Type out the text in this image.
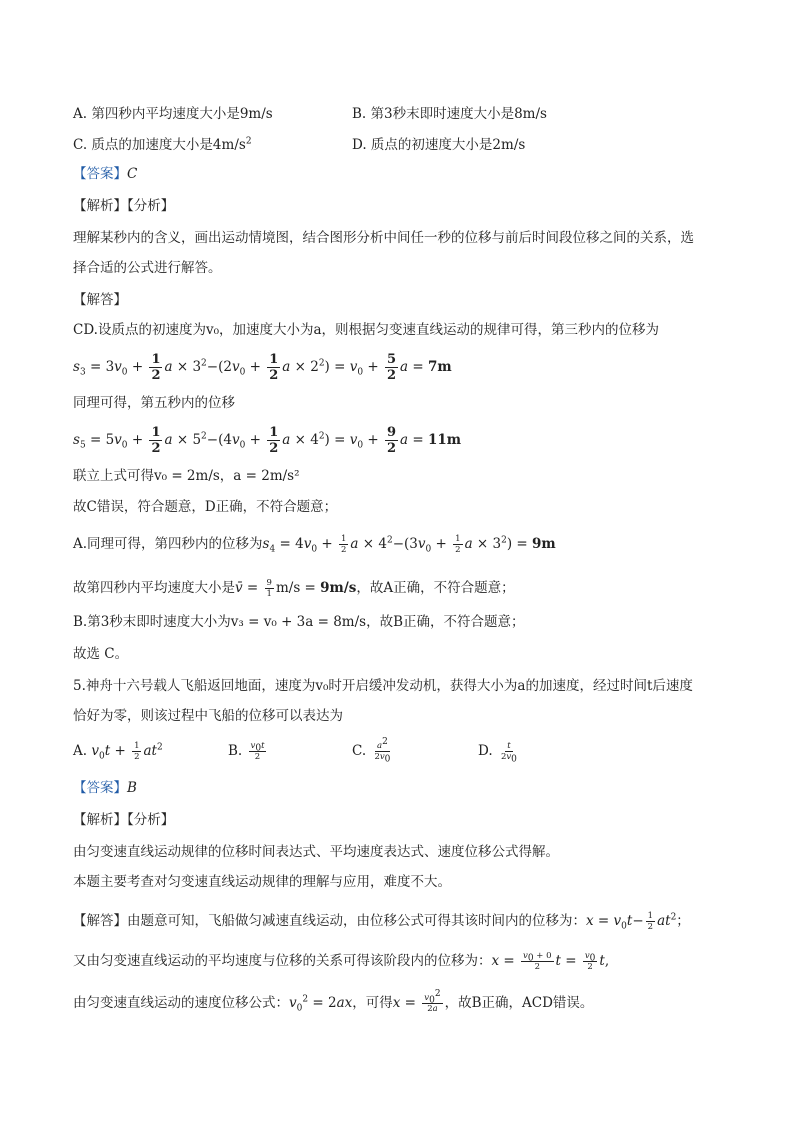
A. 第四秒内平均速度大小是9m/s	B. 第3秒末即时速度大小是8m/s
C. 质点的加速度大小是$4m/s^2$	D. 质点的初速度大小是2m/s
【答案】C
【解析】【分析】
理解某秒内的含义，画出运动情境图，结合图形分析中间任一秒的位移与前后时间段位移之间的关系，选
择合适的公式进行解答。
【解答】
CD.设质点的初速度为v₀，加速度大小为a，则根据匀变速直线运动的规律可得，第三秒内的位移为
$s_3 = 3v_0 + \frac{1}{2}$ $a \times 3^2-(2v_0 + \frac{1}{2}$ $a \times 2^2) = v_0 + \frac{5}{2}$ a = 7m
同理可得，第五秒内的位移
$s_5 = 5v_0 + \frac{1}{2}$ $a \times 5^2-(4v_0 + \frac{1}{2}$ $a \times 4^2) = v_0 + \frac{9}{2}$ a = 11m
联立上式可得v₀ = 2m/s，a = 2m/s²
故C错误，符合题意，D正确，不符合题意；
A.同理可得，第四秒内的位移为$s_4 = 4v_0 + \frac{1}{2}$ $a \times 4^2-(3v_0 + \frac{1}{2}$ $a \times 3^2) = 9m$
故第四秒内平均速度大小是v̄ = $\frac{9}{1} m/s = 9m/s$，故A正确，不符合题意；
B.第3秒末即时速度大小为v₃ = v₀ + 3a = 8m/s，故B正确，不符合题意；
故选 C。
5.神舟十六号载人飞船返回地面，速度为v₀时开启缓冲发动机，获得大小为a的加速度，经过时间t后速度
恰好为零，则该过程中飞船的位移可以表达为
A. $v_0t + \frac{1}{2} at^2$	B. $\frac{v_0t}{2}$	C. $\frac{a^2}{2v_0}$	D. $\frac{t}{2v_0}$
【答案】B
【解析】【分析】
由匀变速直线运动规律的位移时间表达式、平均速度表达式、速度位移公式得解。
本题主要考查对匀变速直线运动规律的理解与应用，难度不大。
【解答】由题意可知，飞船做匀减速直线运动，由位移公式可得其该时间内的位移为：$x = v_0t- \frac{1}{2} at^2$；
又由匀变速直线运动的平均速度与位移的关系可得该阶段内的位移为：$x = \frac{v_0 + 0}{2}$ $t = \frac{v_0}{2} t$,
由匀变速直线运动的速度位移公式：$v_0^2 = 2ax$，可得$x = \frac{v_0^2}{2a}$ ，故B正确，ACD错误。
